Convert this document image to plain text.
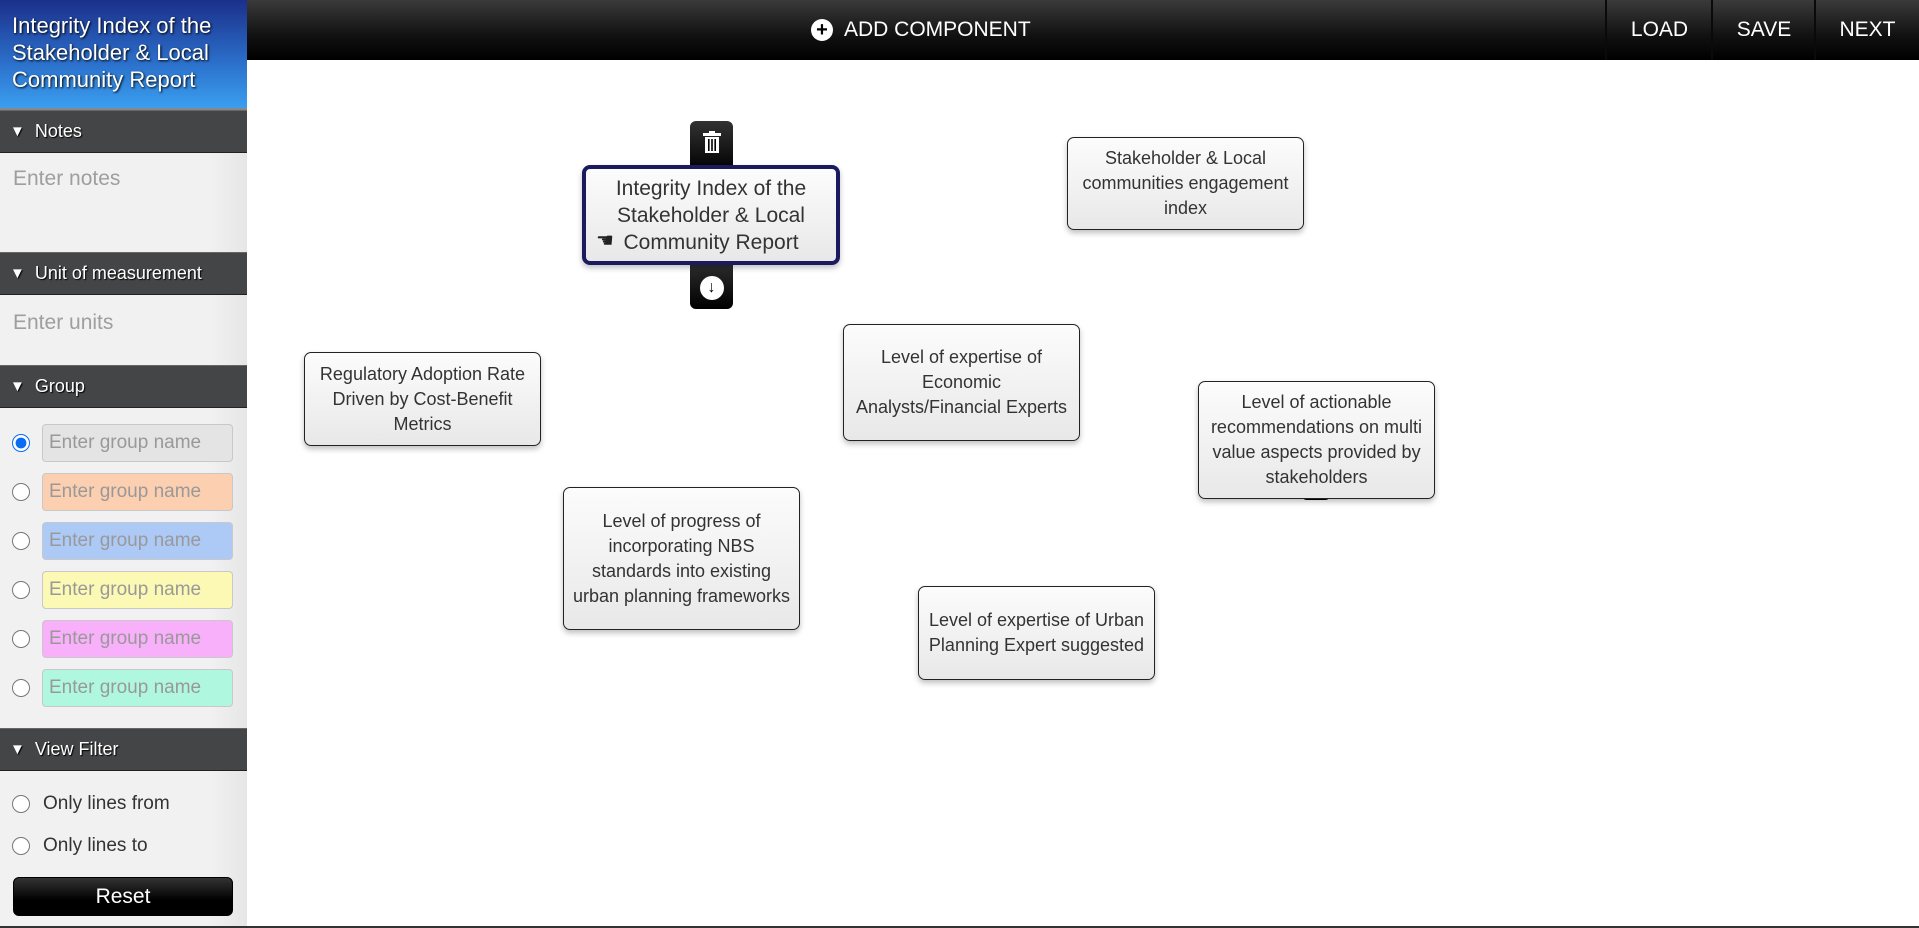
Integrity Index of the
Stakeholder & Local
Community Report
▼ Notes
Enter notes
▼ Unit of measurement
Enter units
▼ Group
Enter group name
Enter group name
Enter group name
Enter group name
Enter group name
Enter group name
▼ View Filter
Only lines from
Only lines to
Reset
+ ADD COMPONENT	LOAD	SAVE	NEXT
↓
Integrity Index of the Stakeholder & Local Community Report
☚
Stakeholder & Local communities engagement index
Regulatory Adoption Rate Driven by Cost-Benefit Metrics
Level of expertise of Economic Analysts/Financial Experts	Level of actionable recommendations on multi value aspects provided by stakeholders
Level of progress of incorporating NBS standards into existing urban planning frameworks
Level of expertise of Urban Planning Expert suggested
